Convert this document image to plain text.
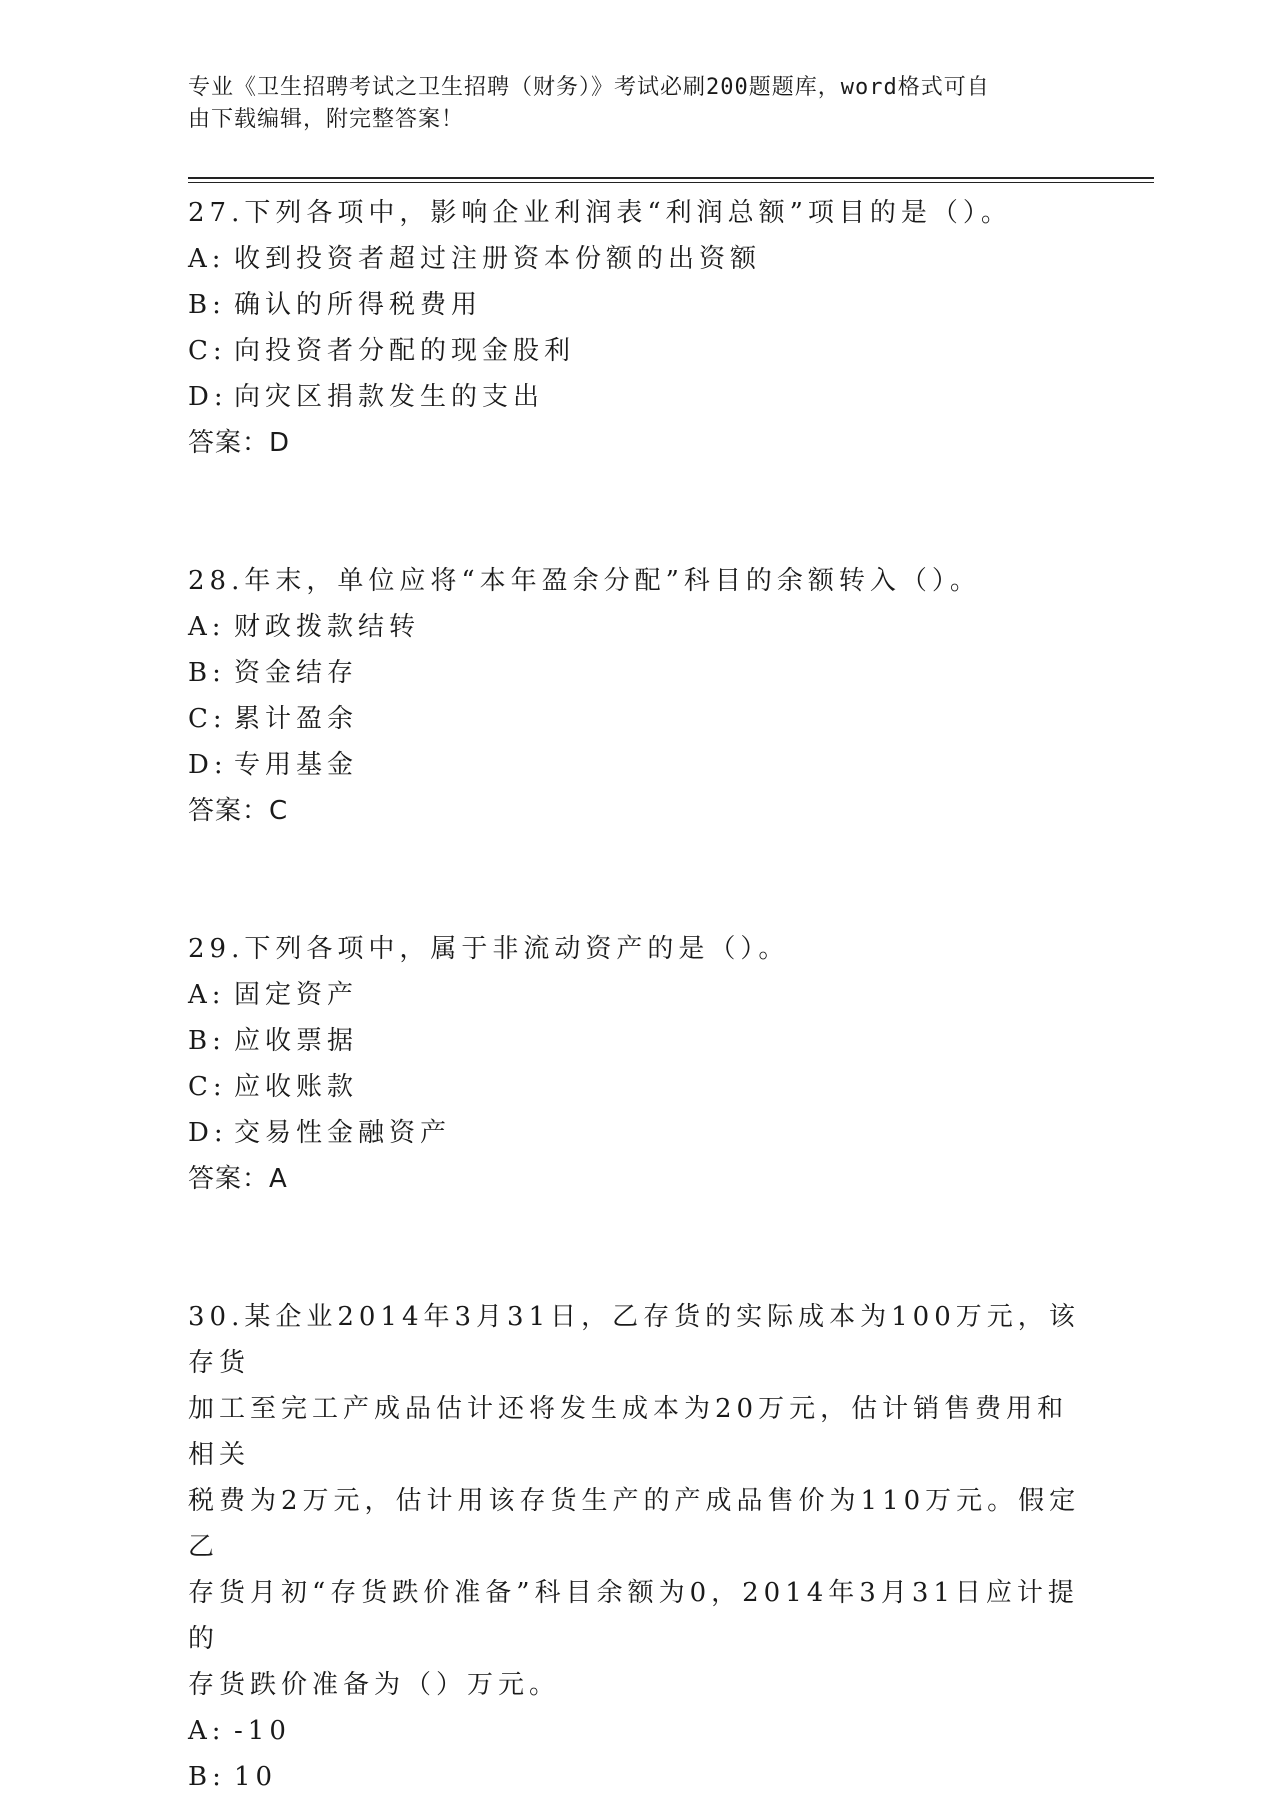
专业《卫生招聘考试之卫生招聘（财务）》考试必刷200题题库，word格式可自
由下载编辑，附完整答案！
27.下列各项中，影响企业利润表“利润总额”项目的是（）。
A: 收到投资者超过注册资本份额的出资额
B: 确认的所得税费用
C: 向投资者分配的现金股利
D: 向灾区捐款发生的支出
答案：D
28.年末，单位应将“本年盈余分配”科目的余额转入（）。
A: 财政拨款结转
B: 资金结存
C: 累计盈余
D: 专用基金
答案：C
29.下列各项中，属于非流动资产的是（）。
A: 固定资产
B: 应收票据
C: 应收账款
D: 交易性金融资产
答案：A
30.某企业2014年3月31日，乙存货的实际成本为100万元，该存货
加工至完工产成品估计还将发生成本为20万元，估计销售费用和相关
税费为2万元，估计用该存货生产的产成品售价为110万元。假定乙
存货月初“存货跌价准备”科目余额为0，2014年3月31日应计提的
存货跌价准备为（）万元。
A: -10
B: 10
